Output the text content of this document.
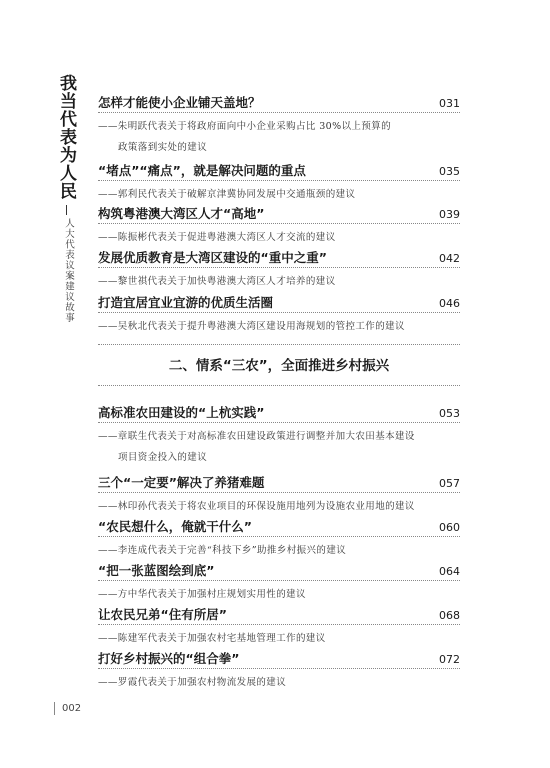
我当代表为人民
人大代表议案建议故事
怎样才能使小企业铺天盖地？	031
——朱明跃代表关于将政府面向中小企业采购占比 30%以上预算的
政策落到实处的建议
“堵点”“痛点”，就是解决问题的重点	035
——郭利民代表关于破解京津冀协同发展中交通瓶颈的建议
构筑粤港澳大湾区人才“高地”	039
——陈振彬代表关于促进粤港澳大湾区人才交流的建议
发展优质教育是大湾区建设的“重中之重”	042
——黎世祺代表关于加快粤港澳大湾区人才培养的建议
打造宜居宜业宜游的优质生活圈	046
——吴秋北代表关于提升粤港澳大湾区建设用海规划的管控工作的建议
二、情系“三农”，全面推进乡村振兴
高标准农田建设的“上杭实践”	053
——章联生代表关于对高标准农田建设政策进行调整并加大农田基本建设
项目资金投入的建议
三个“一定要”解决了养猪难题	057
——林印孙代表关于将农业项目的环保设施用地列为设施农业用地的建议
“农民想什么，俺就干什么”	060
——李连成代表关于完善“科技下乡”助推乡村振兴的建议
“把一张蓝图绘到底”	064
——方中华代表关于加强村庄规划实用性的建议
让农民兄弟“住有所居”	068
——陈建军代表关于加强农村宅基地管理工作的建议
打好乡村振兴的“组合拳”	072
——罗霞代表关于加强农村物流发展的建议
002
